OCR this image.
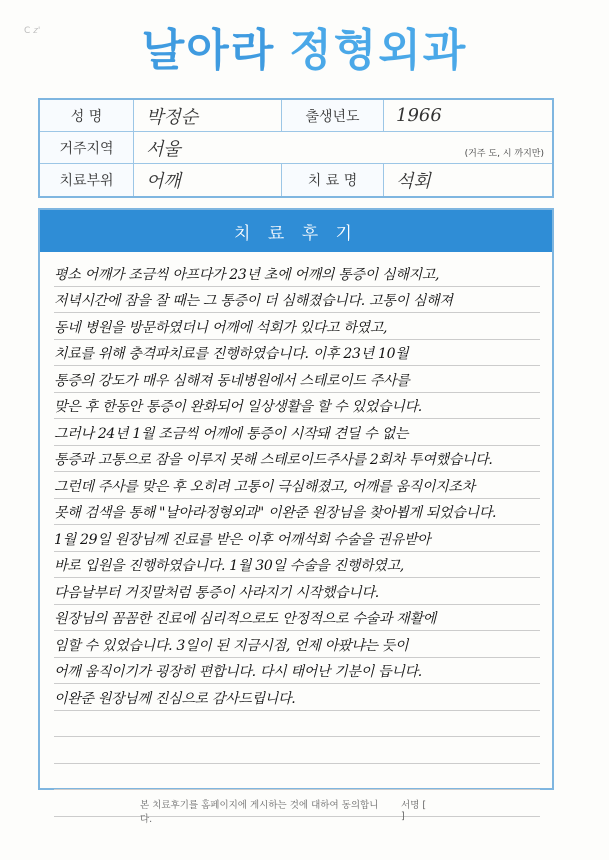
C 𝑧'	날아라 정형외과
성 명	박정순	출생년도	1966
거주지역	서울	(거주 도, 시 까지만)
치료부위	어깨	치 료 명	석회
치 료 후 기
평소 어깨가 조금씩 아프다가 23년 초에 어깨의 통증이 심해지고,
저녁시간에 잠을 잘 때는 그 통증이 더 심해졌습니다. 고통이 심해져
동네 병원을 방문하였더니 어깨에 석회가 있다고 하였고,
치료를 위해 충격파치료를 진행하였습니다. 이후 23년 10월
통증의 강도가 매우 심해져 동네병원에서 스테로이드 주사를
맞은 후 한동안 통증이 완화되어 일상생활을 할 수 있었습니다.
그러나 24년 1월 조금씩 어깨에 통증이 시작돼 견딜 수 없는
통증과 고통으로 잠을 이루지 못해 스테로이드주사를 2회차 투여했습니다.
그런데 주사를 맞은 후 오히려 고통이 극심해졌고, 어깨를 움직이지조차
못해 검색을 통해 "날아라정형외과" 이완준 원장님을 찾아뵙게 되었습니다.
1월 29일 원장님께 진료를 받은 이후 어깨석회 수술을 권유받아
바로 입원을 진행하였습니다. 1월 30일 수술을 진행하였고,
다음날부터 거짓말처럼 통증이 사라지기 시작했습니다.
원장님의 꼼꼼한 진료에 심리적으로도 안정적으로 수술과 재활에
임할 수 있었습니다. 3일이 된 지금시점, 언제 아팠냐는 듯이
어깨 움직이기가 굉장히 편합니다. 다시 태어난 기분이 듭니다.
이완준 원장님께 진심으로 감사드립니다.
본 치료후기를 홈페이지에 게시하는 것에 대하여 동의합니다.
서명 [  ]
